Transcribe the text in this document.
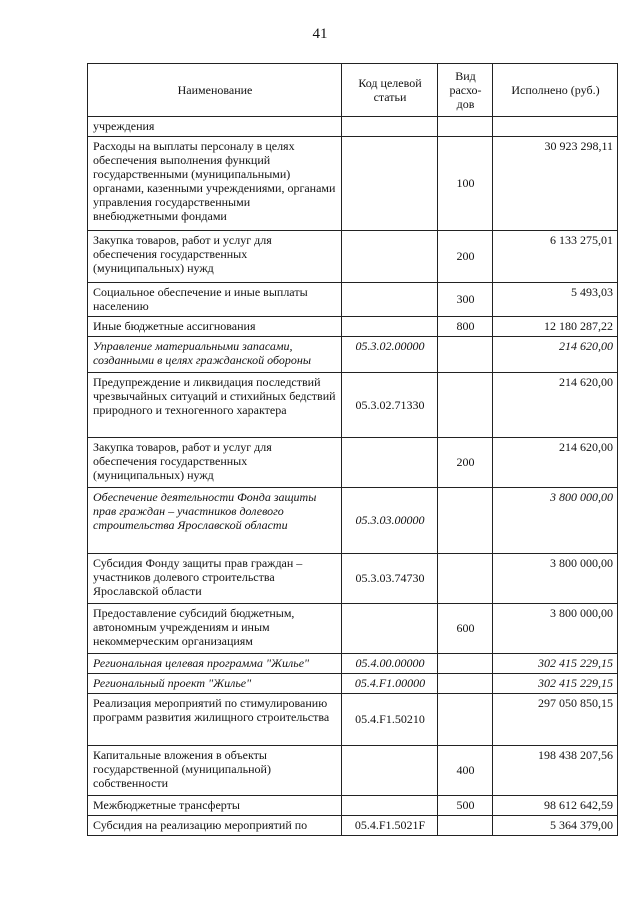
41
Наименование	Код целевой статьи	Вид расхо-дов	Исполнено (руб.)
учреждения			
Расходы на выплаты персоналу в целях обеспечения выполнения функций государственными (муниципальными) органами, казенными учреждениями, органами управления государственными внебюджетными фондами		100	30 923 298,11
Закупка товаров, работ и услуг для обеспечения государственных (муниципальных) нужд		200	6 133 275,01
Социальное обеспечение и иные выплаты населению		300	5 493,03
Иные бюджетные ассигнования		800	12 180 287,22
Управление материальными запасами, созданными в целях гражданской обороны	05.3.02.00000		214 620,00
Предупреждение и ликвидация последствий чрезвычайных ситуаций и стихийных бедствий природного и техногенного характера	05.3.02.71330		214 620,00
Закупка товаров, работ и услуг для обеспечения государственных (муниципальных) нужд		200	214 620,00
Обеспечение деятельности Фонда защиты прав граждан – участников долевого строительства Ярославской области	05.3.03.00000		3 800 000,00
Субсидия Фонду защиты прав граждан – участников долевого строительства Ярославской области	05.3.03.74730		3 800 000,00
Предоставление субсидий бюджетным, автономным учреждениям и иным некоммерческим организациям		600	3 800 000,00
Региональная целевая программа "Жилье"	05.4.00.00000		302 415 229,15
Региональный проект "Жилье"	05.4.F1.00000		302 415 229,15
Реализация мероприятий по стимулированию программ развития жилищного строительства	05.4.F1.50210		297 050 850,15
Капитальные вложения в объекты государственной (муниципальной) собственности		400	198 438 207,56
Межбюджетные трансферты		500	98 612 642,59
Субсидия на реализацию мероприятий по	05.4.F1.5021F		5 364 379,00
